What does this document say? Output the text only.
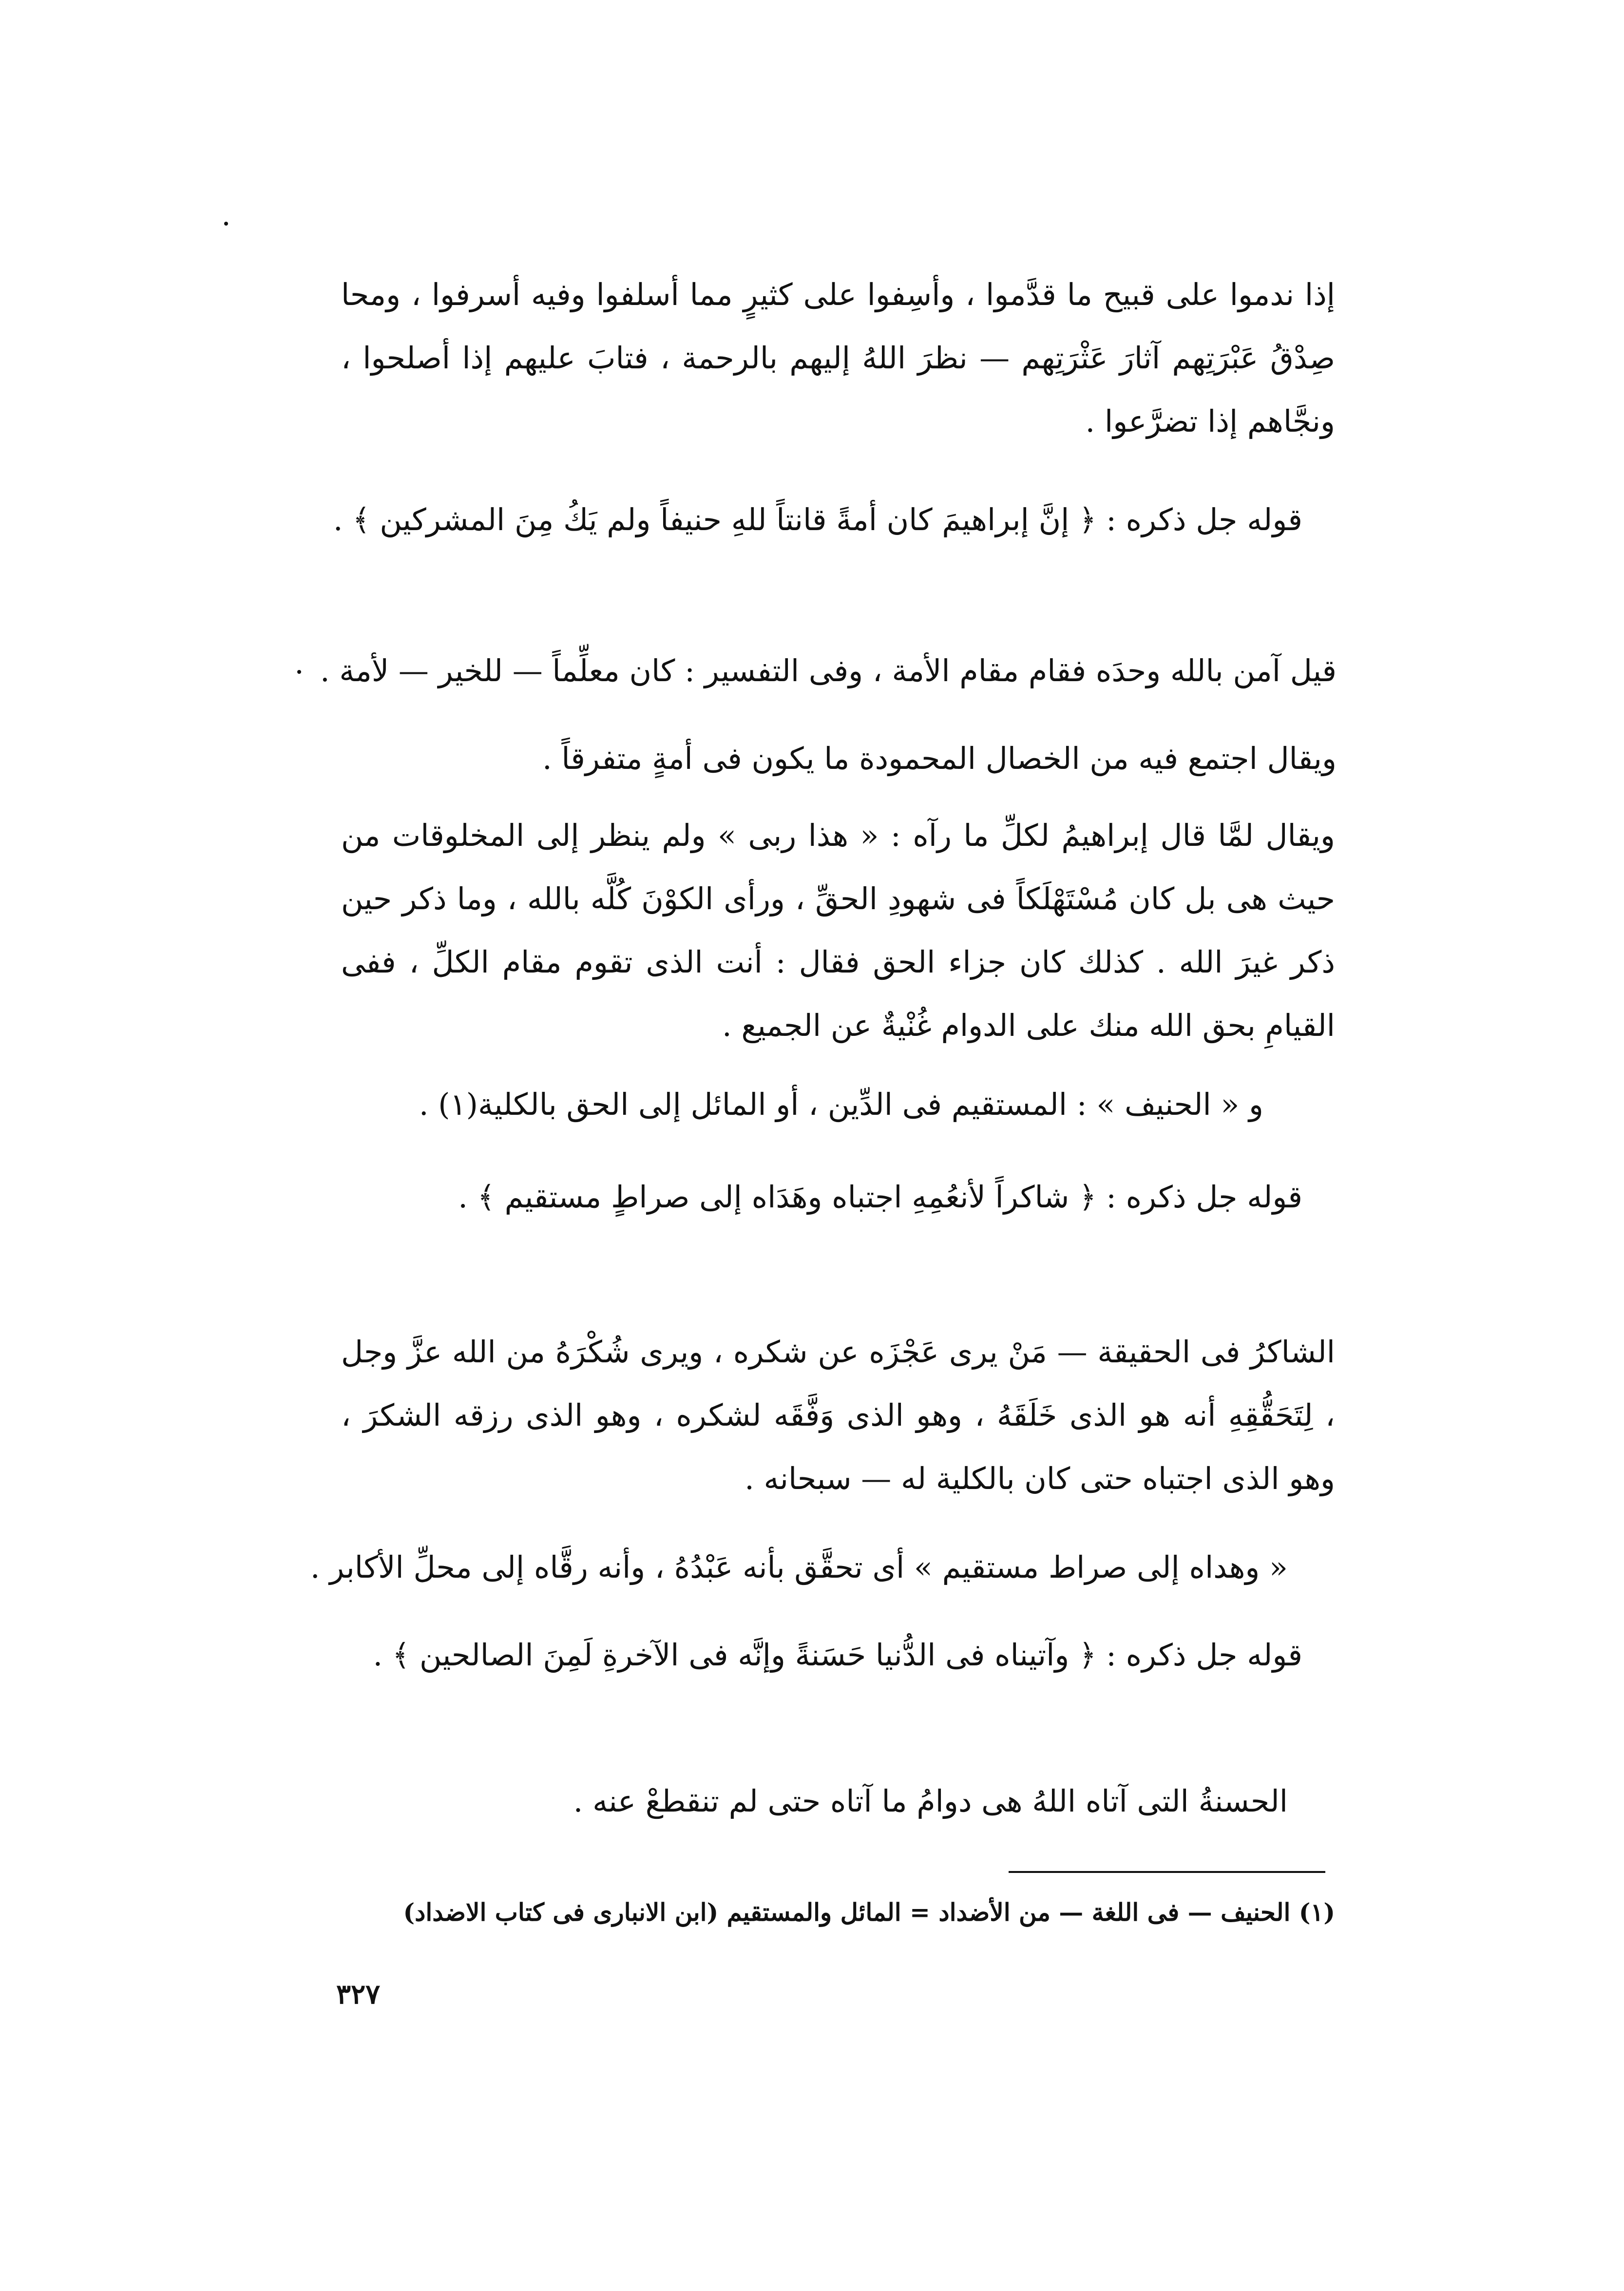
إذا ندموا على قبيح ما قدَّموا ، وأسِفوا على كثيرٍ مما أسلفوا وفيه أسرفوا ، ومحا صِدْقُ عَبْرَتِهم آثارَ عَثْرَتِهم — نظرَ اللهُ إليهم بالرحمة ، فتابَ عليهم إذا أصلحوا ، ونجَّاهم إذا تضرَّعوا .
قوله جل ذكره : ﴿ إنَّ إبراهيمَ كان أمةً قانتاً للهِ حنيفاً ولم يَكُ مِنَ المشركين ﴾ .
قيل آمن بالله وحدَه فقام مقام الأمة ، وفى التفسير : كان معلِّماً — للخير — لأمة .
ويقال اجتمع فيه من الخصال المحمودة ما يكون فى أمةٍ متفرقاً .
ويقال لمَّا قال إبراهيمُ لكلِّ ما رآه : « هذا ربى » ولم ينظر إلى المخلوقات من حيث هى بل كان مُسْتَهْلَكاً فى شهودِ الحقِّ ، ورأى الكوْنَ كُلَّه بالله ، وما ذكر حين ذكر غيرَ الله . كذلك كان جزاء الحق فقال : أنت الذى تقوم مقام الكلِّ ، ففى القيامِ بحق الله منك على الدوام غُنْيةٌ عن الجميع .
و « الحنيف » : المستقيم فى الدِّين ، أو المائل إلى الحق بالكلية(١) .
قوله جل ذكره : ﴿ شاكراً لأنعُمِهِ اجتباه وهَدَاه إلى صراطٍ مستقيم ﴾ .
الشاكرُ فى الحقيقة — مَنْ يرى عَجْزَه عن شكره ، ويرى شُكْرَهُ من الله عزَّ وجل ، لِتَحَقُّقِهِ أنه هو الذى خَلَقَهُ ، وهو الذى وَفَّقَه لشكره ، وهو الذى رزقه الشكرَ ، وهو الذى اجتباه حتى كان بالكلية له — سبحانه .
« وهداه إلى صراط مستقيم » أى تحقَّق بأنه عَبْدُهُ ، وأنه رقَّاه إلى محلِّ الأكابر .
قوله جل ذكره : ﴿ وآتيناه فى الدُّنيا حَسَنةً وإنَّه فى الآخرةِ لَمِنَ الصالحين ﴾ .
الحسنةُ التى آتاه اللهُ هى دوامُ ما آتاه حتى لم تنقطعْ عنه .
(١) الحنيف — فى اللغة — من الأضداد = المائل والمستقيم (ابن الانبارى فى كتاب الاضداد)
٣٢٧
